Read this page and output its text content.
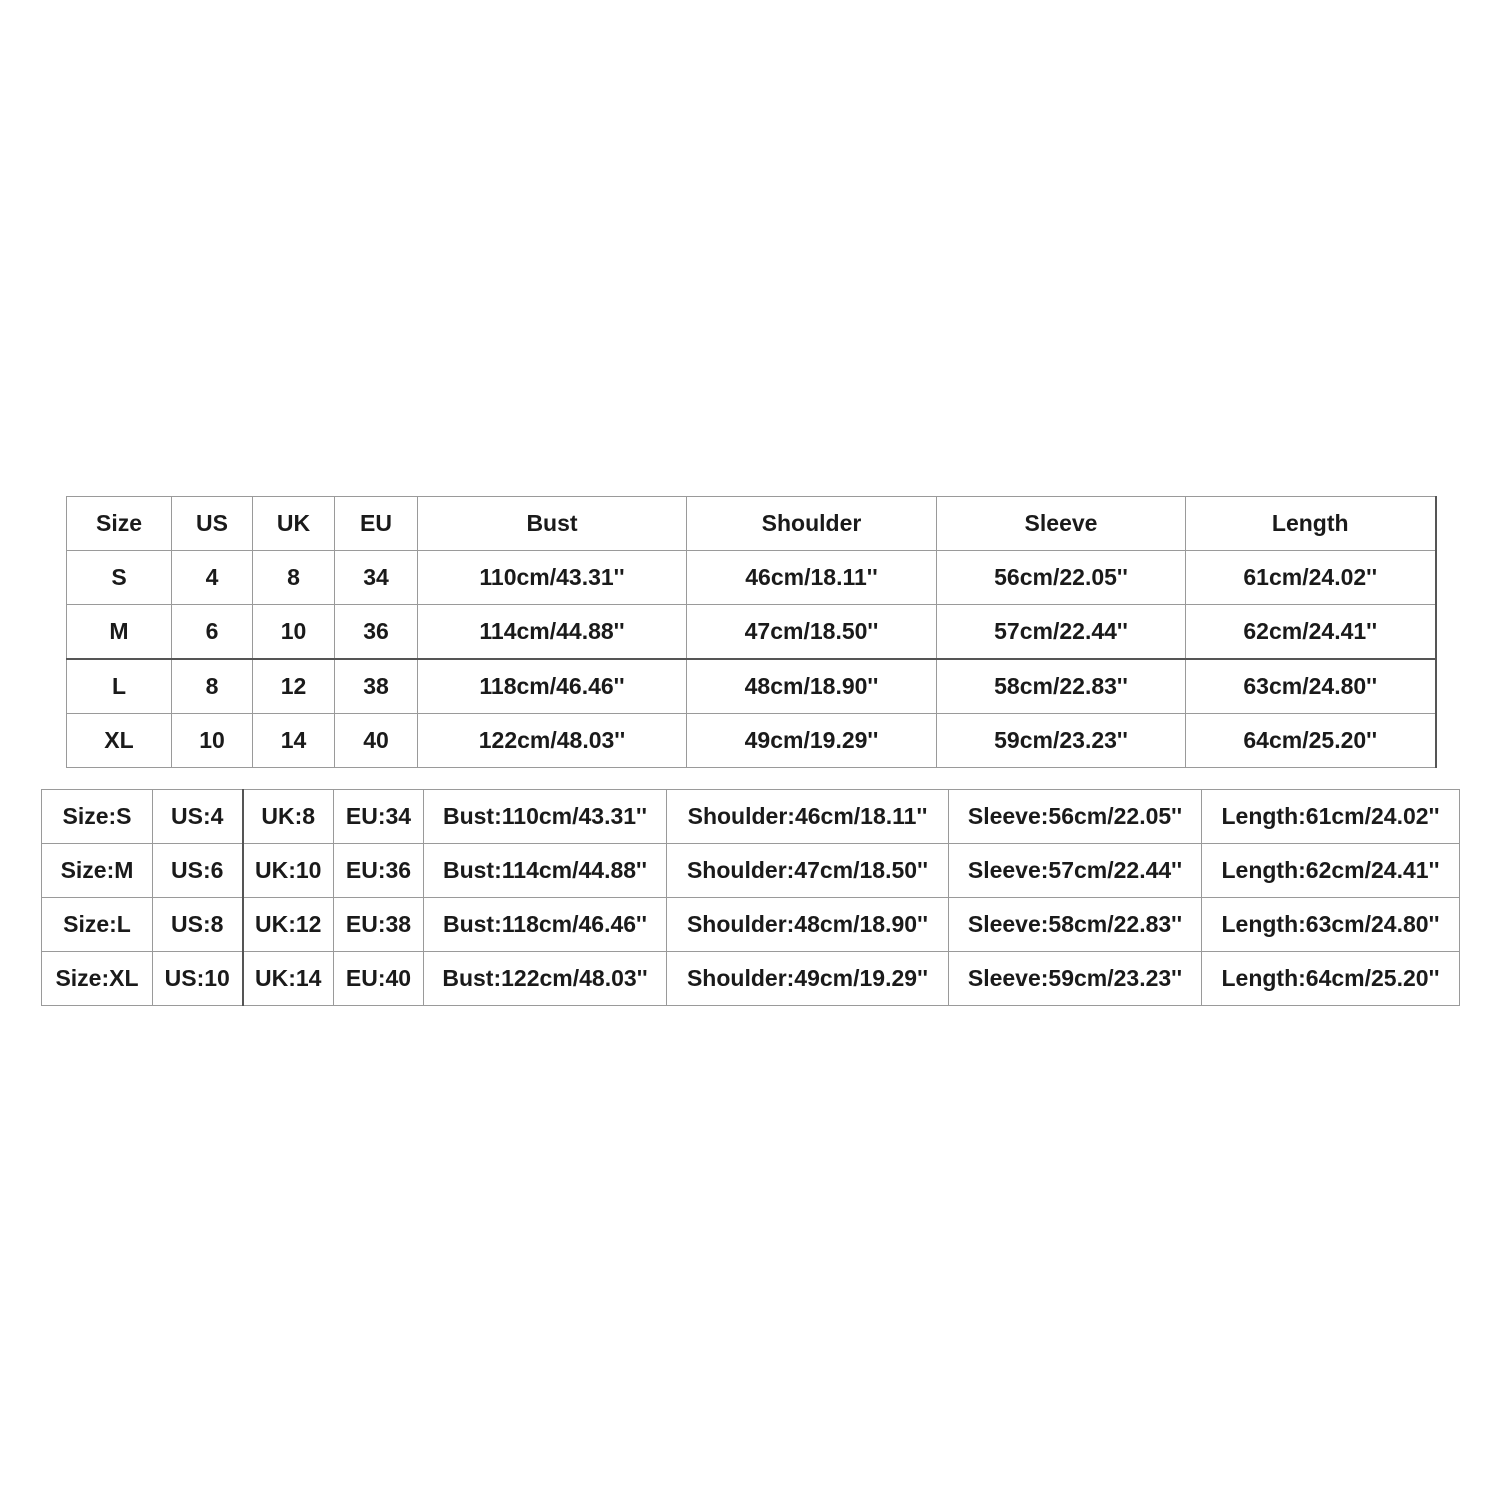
Size	US	UK	EU	Bust	Shoulder	Sleeve	Length
S	4	8	34	110cm/43.31''	46cm/18.11''	56cm/22.05''	61cm/24.02''
M	6	10	36	114cm/44.88''	47cm/18.50''	57cm/22.44''	62cm/24.41''
L	8	12	38	118cm/46.46''	48cm/18.90''	58cm/22.83''	63cm/24.80''
XL	10	14	40	122cm/48.03''	49cm/19.29''	59cm/23.23''	64cm/25.20''
Size:S	US:4	UK:8	EU:34	Bust:110cm/43.31''	Shoulder:46cm/18.11''	Sleeve:56cm/22.05''	Length:61cm/24.02''
Size:M	US:6	UK:10	EU:36	Bust:114cm/44.88''	Shoulder:47cm/18.50''	Sleeve:57cm/22.44''	Length:62cm/24.41''
Size:L	US:8	UK:12	EU:38	Bust:118cm/46.46''	Shoulder:48cm/18.90''	Sleeve:58cm/22.83''	Length:63cm/24.80''
Size:XL	US:10	UK:14	EU:40	Bust:122cm/48.03''	Shoulder:49cm/19.29''	Sleeve:59cm/23.23''	Length:64cm/25.20''
